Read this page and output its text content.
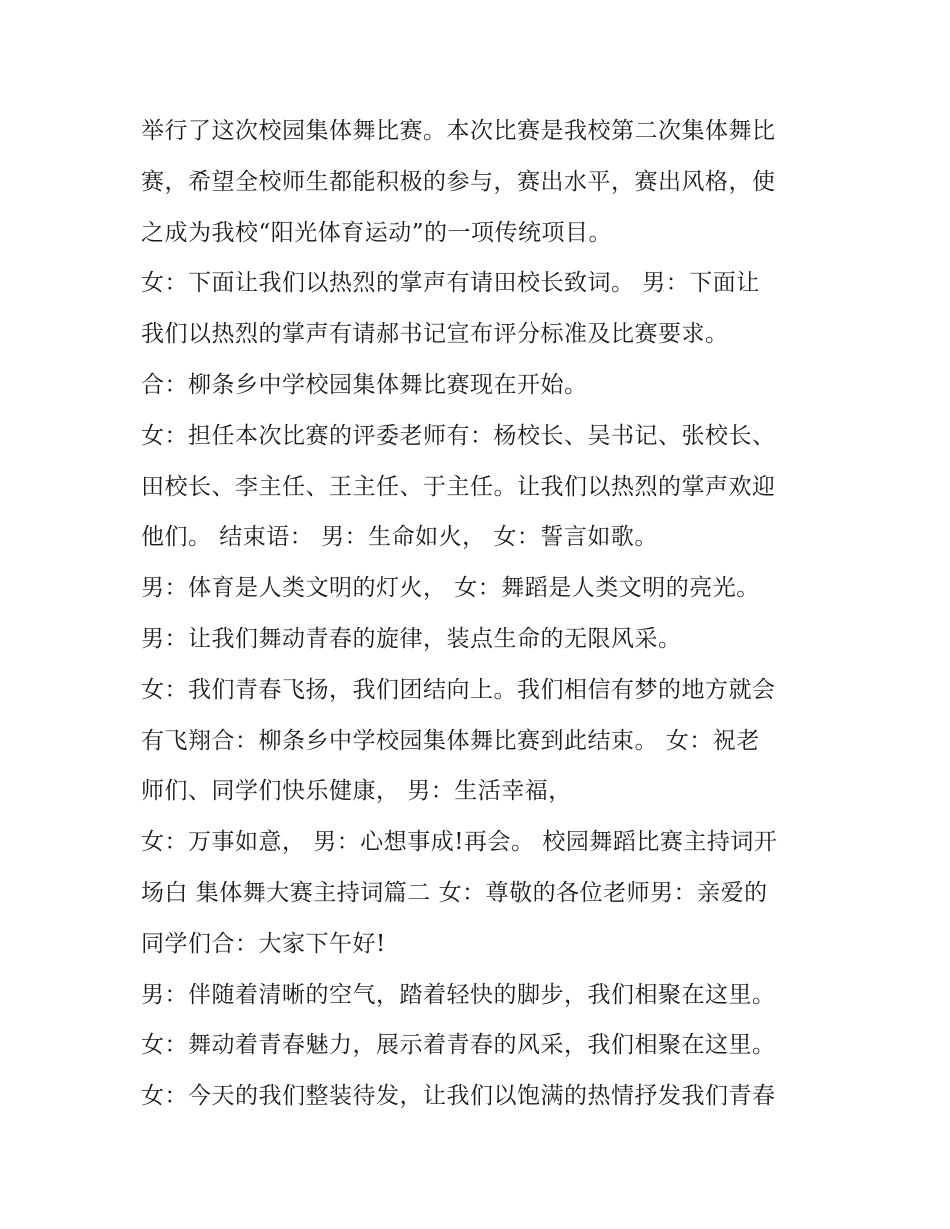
举行了这次校园集体舞比赛。本次比赛是我校第二次集体舞比
赛，希望全校师生都能积极的参与，赛出水平，赛出风格，使
之成为我校“阳光体育运动”的一项传统项目。
女：下面让我们以热烈的掌声有请田校长致词。 男：下面让
我们以热烈的掌声有请郝书记宣布评分标准及比赛要求。
合：柳条乡中学校园集体舞比赛现在开始。
女：担任本次比赛的评委老师有：杨校长、吴书记、张校长、
田校长、李主任、王主任、于主任。让我们以热烈的掌声欢迎
他们。 结束语： 男：生命如火， 女：誓言如歌。
男：体育是人类文明的灯火， 女：舞蹈是人类文明的亮光。
男：让我们舞动青春的旋律，装点生命的无限风采。
女：我们青春飞扬，我们团结向上。我们相信有梦的地方就会
有飞翔合：柳条乡中学校园集体舞比赛到此结束。 女：祝老
师们、同学们快乐健康， 男：生活幸福，
女：万事如意， 男：心想事成!再会。 校园舞蹈比赛主持词开
场白 集体舞大赛主持词篇二 女：尊敬的各位老师男：亲爱的
同学们合：大家下午好!
男：伴随着清晰的空气，踏着轻快的脚步，我们相聚在这里。
女：舞动着青春魅力，展示着青春的风采，我们相聚在这里。
女：今天的我们整装待发，让我们以饱满的热情抒发我们青春
